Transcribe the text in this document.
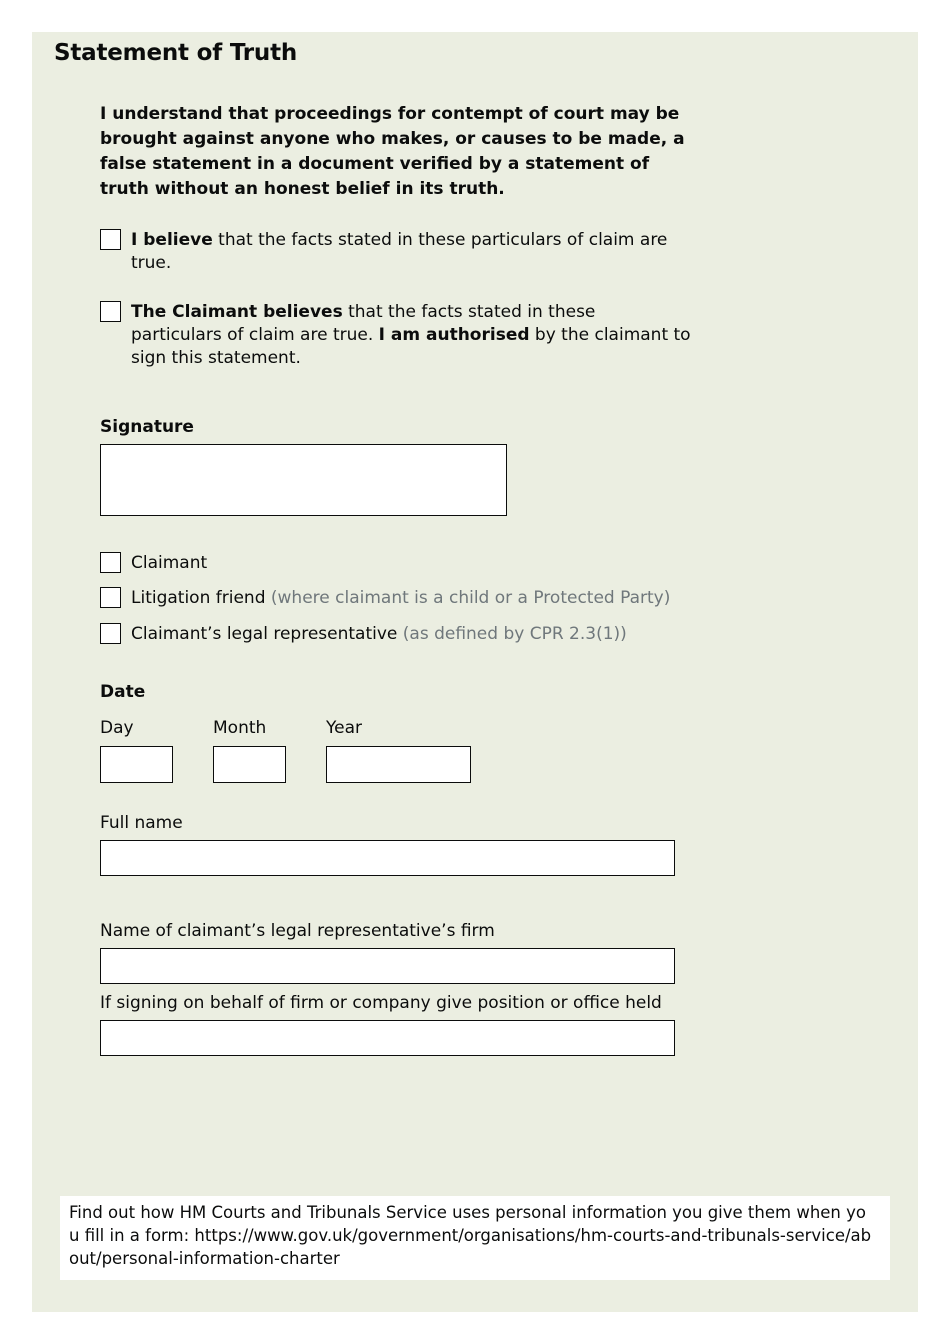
Statement of Truth
I understand that proceedings for contempt of court may be brought against anyone who makes, or causes to be made, a false statement in a document verified by a statement of truth without an honest belief in its truth.
I believe that the facts stated in these particulars of claim are true.
The Claimant believes that the facts stated in these particulars of claim are true. I am authorised by the claimant to sign this statement.
Signature
Claimant
Litigation friend (where claimant is a child or a Protected Party)
Claimant’s legal representative (as defined by CPR 2.3(1))
Date
Day	Month	Year
Full name
Name of claimant’s legal representative’s firm
If signing on behalf of firm or company give position or office held
Find out how HM Courts and Tribunals Service uses personal information you give them when you fill in a form: https://www.gov.uk/government/organisations/hm-courts-and-tribunals-service/about/personal-information-charter
